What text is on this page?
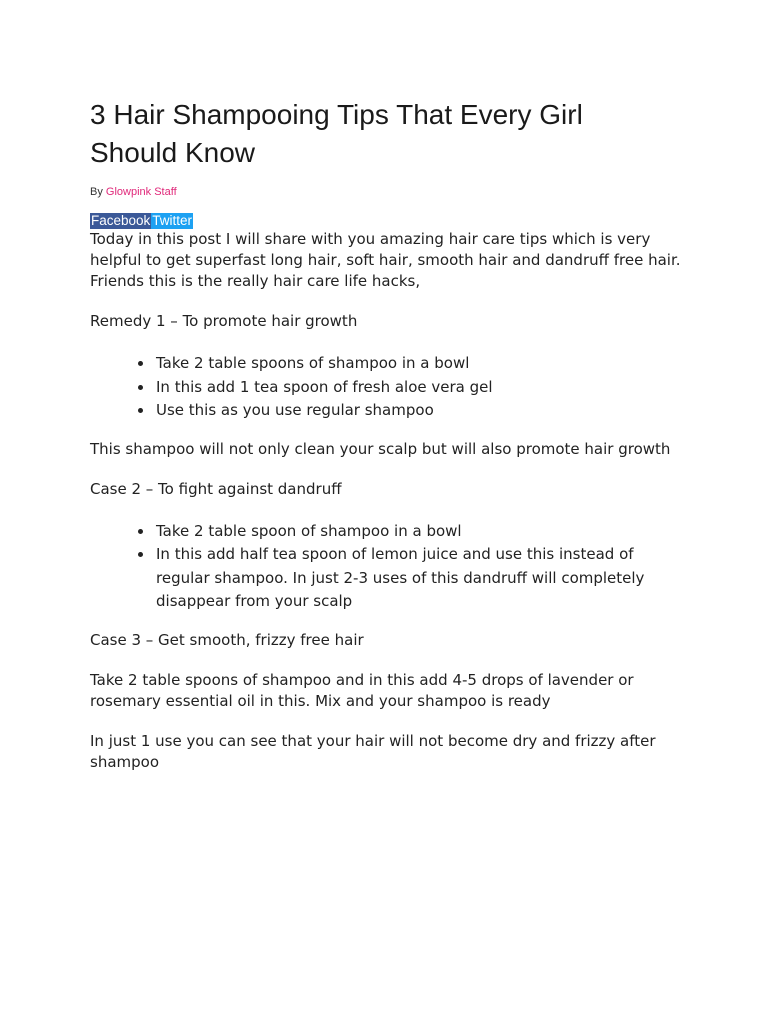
3 Hair Shampooing Tips That Every Girl Should Know
By Glowpink Staff
Facebook Twitter

Today in this post I will share with you amazing hair care tips which is very helpful to get superfast long hair, soft hair, smooth hair and dandruff free hair. Friends this is the really hair care life hacks,

Remedy 1 – To promote hair growth

• Take 2 table spoons of shampoo in a bowl
• In this add 1 tea spoon of fresh aloe vera gel
• Use this as you use regular shampoo

This shampoo will not only clean your scalp but will also promote hair growth

Case 2 – To fight against dandruff

• Take 2 table spoon of shampoo in a bowl
• In this add half tea spoon of lemon juice and use this instead of regular shampoo. In just 2-3 uses of this dandruff will completely disappear from your scalp

Case 3 – Get smooth, frizzy free hair

Take 2 table spoons of shampoo and in this add 4-5 drops of lavender or rosemary essential oil in this. Mix and your shampoo is ready

In just 1 use you can see that your hair will not become dry and frizzy after shampoo
